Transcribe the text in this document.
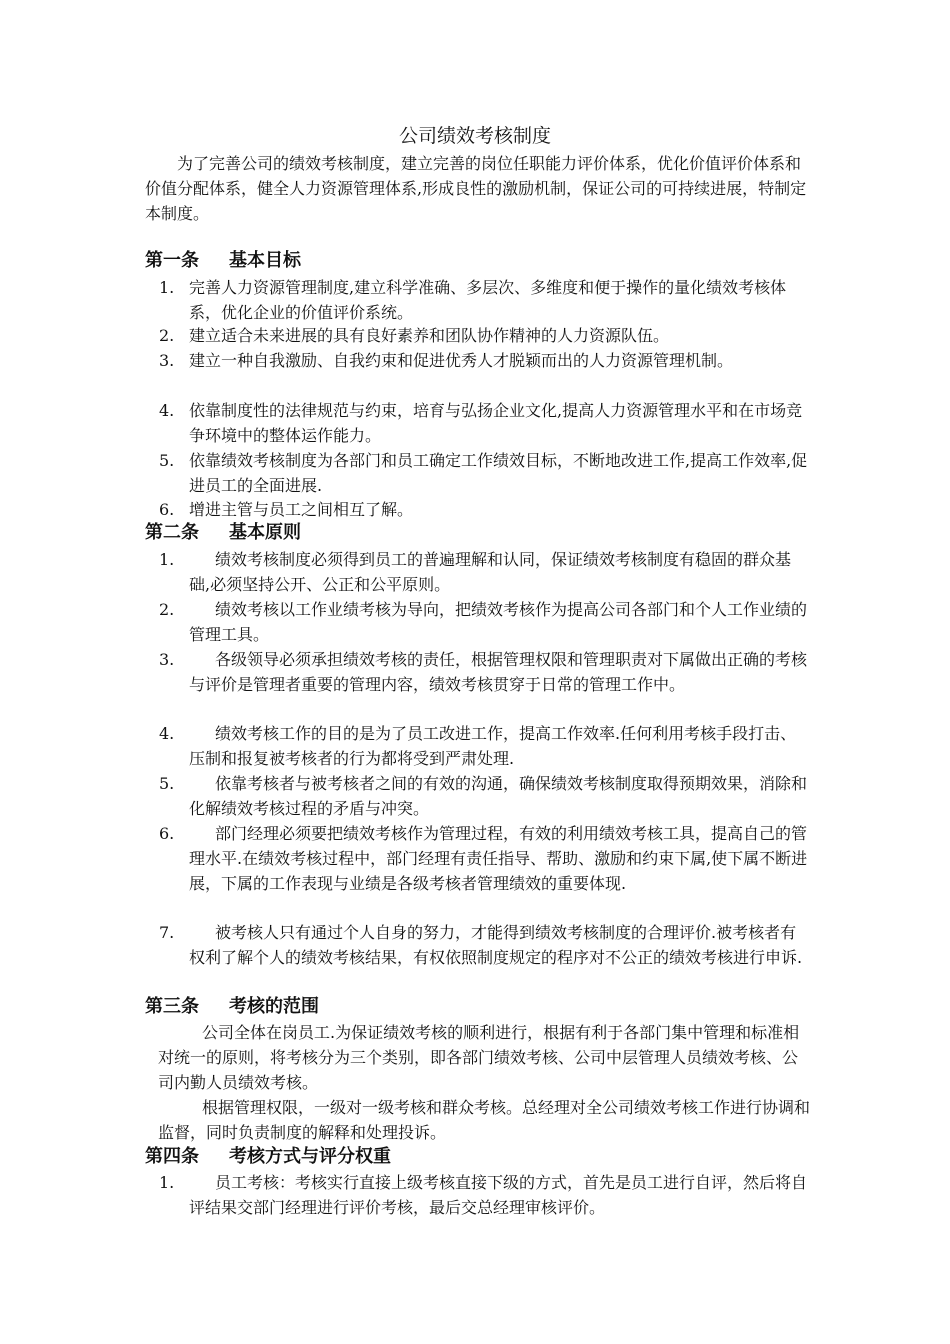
公司绩效考核制度
为了完善公司的绩效考核制度，建立完善的岗位任职能力评价体系，优化价值评价体系和价值分配体系，健全人力资源管理体系,形成良性的激励机制，保证公司的可持续进展，特制定本制度。
第一条 基本目标
1. 完善人力资源管理制度,建立科学准确、多层次、多维度和便于操作的量化绩效考核体系，优化企业的价值评价系统。
2. 建立适合未来进展的具有良好素养和团队协作精神的人力资源队伍。
3. 建立一种自我激励、自我约束和促进优秀人才脱颖而出的人力资源管理机制。
4. 依靠制度性的法律规范与约束，培育与弘扬企业文化,提高人力资源管理水平和在市场竞争环境中的整体运作能力。
5. 依靠绩效考核制度为各部门和员工确定工作绩效目标，不断地改进工作,提高工作效率,促进员工的全面进展.
6. 增进主管与员工之间相互了解。
第二条 基本原则
1.	绩效考核制度必须得到员工的普遍理解和认同，保证绩效考核制度有稳固的群众基础,必须坚持公开、公正和公平原则。
2.	绩效考核以工作业绩考核为导向，把绩效考核作为提高公司各部门和个人工作业绩的管理工具。
3.	各级领导必须承担绩效考核的责任，根据管理权限和管理职责对下属做出正确的考核与评价是管理者重要的管理内容，绩效考核贯穿于日常的管理工作中。
4.	绩效考核工作的目的是为了员工改进工作，提高工作效率.任何利用考核手段打击、压制和报复被考核者的行为都将受到严肃处理.
5.	依靠考核者与被考核者之间的有效的沟通，确保绩效考核制度取得预期效果，消除和化解绩效考核过程的矛盾与冲突。
6.	部门经理必须要把绩效考核作为管理过程，有效的利用绩效考核工具，提高自己的管理水平.在绩效考核过程中，部门经理有责任指导、帮助、激励和约束下属,使下属不断进展，下属的工作表现与业绩是各级考核者管理绩效的重要体现.
7.	被考核人只有通过个人自身的努力，才能得到绩效考核制度的合理评价.被考核者有权利了解个人的绩效考核结果，有权依照制度规定的程序对不公正的绩效考核进行申诉.
第三条 考核的范围
公司全体在岗员工.为保证绩效考核的顺利进行，根据有利于各部门集中管理和标准相对统一的原则，将考核分为三个类别，即各部门绩效考核、公司中层管理人员绩效考核、公司内勤人员绩效考核。
根据管理权限，一级对一级考核和群众考核。总经理对全公司绩效考核工作进行协调和监督，同时负责制度的解释和处理投诉。
第四条 考核方式与评分权重
1.	员工考核：考核实行直接上级考核直接下级的方式，首先是员工进行自评，然后将自评结果交部门经理进行评价考核，最后交总经理审核评价。
